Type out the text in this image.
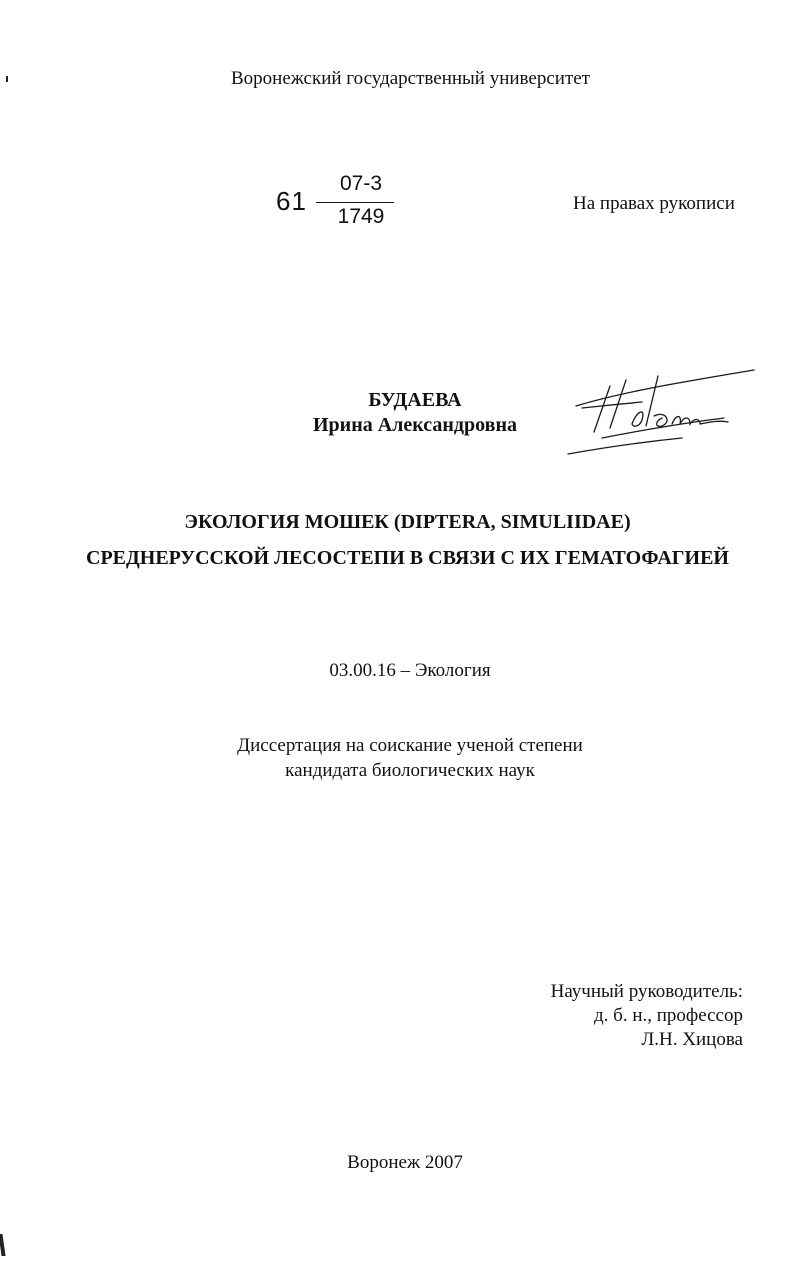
Воронежский государственный университет
61
07-3
1749
На правах рукописи
БУДАЕВА
Ирина Александровна
ЭКОЛОГИЯ МОШЕК (DIPTERA, SIMULIIDAE)
СРЕДНЕРУССКОЙ ЛЕСОСТЕПИ В СВЯЗИ С ИХ ГЕМАТОФАГИЕЙ
03.00.16 – Экология
Диссертация на соискание ученой степени
кандидата биологических наук
Научный руководитель:
д. б. н., профессор
Л.Н. Хицова
Воронеж 2007
